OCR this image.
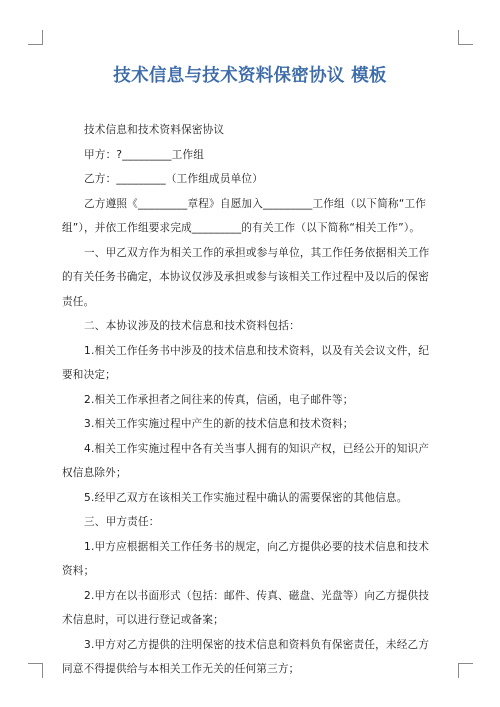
技术信息与技术资料保密协议 模板

技术信息和技术资料保密协议

甲方：?_________工作组

乙方：_________（工作组成员单位）

乙方遵照《_________章程》自愿加入_________工作组（以下简称“工作组”），并依工作组要求完成_________的有关工作（以下简称“相关工作”）。

一、甲乙双方作为相关工作的承担或参与单位，其工作任务依据相关工作的有关任务书确定，本协议仅涉及承担或参与该相关工作过程中及以后的保密责任。

二、本协议涉及的技术信息和技术资料包括：

1.相关工作任务书中涉及的技术信息和技术资料，以及有关会议文件，纪要和决定；

2.相关工作承担者之间往来的传真，信函，电子邮件等；

3.相关工作实施过程中产生的新的技术信息和技术资料；

4.相关工作实施过程中各有关当事人拥有的知识产权，已经公开的知识产权信息除外；

5.经甲乙双方在该相关工作实施过程中确认的需要保密的其他信息。

三、甲方责任：

1.甲方应根据相关工作任务书的规定，向乙方提供必要的技术信息和技术资料；

2.甲方在以书面形式（包括：邮件、传真、磁盘、光盘等）向乙方提供技术信息时，可以进行登记或备案；

3.甲方对乙方提供的注明保密的技术信息和资料负有保密责任，未经乙方同意不得提供给与本相关工作无关的任何第三方；
